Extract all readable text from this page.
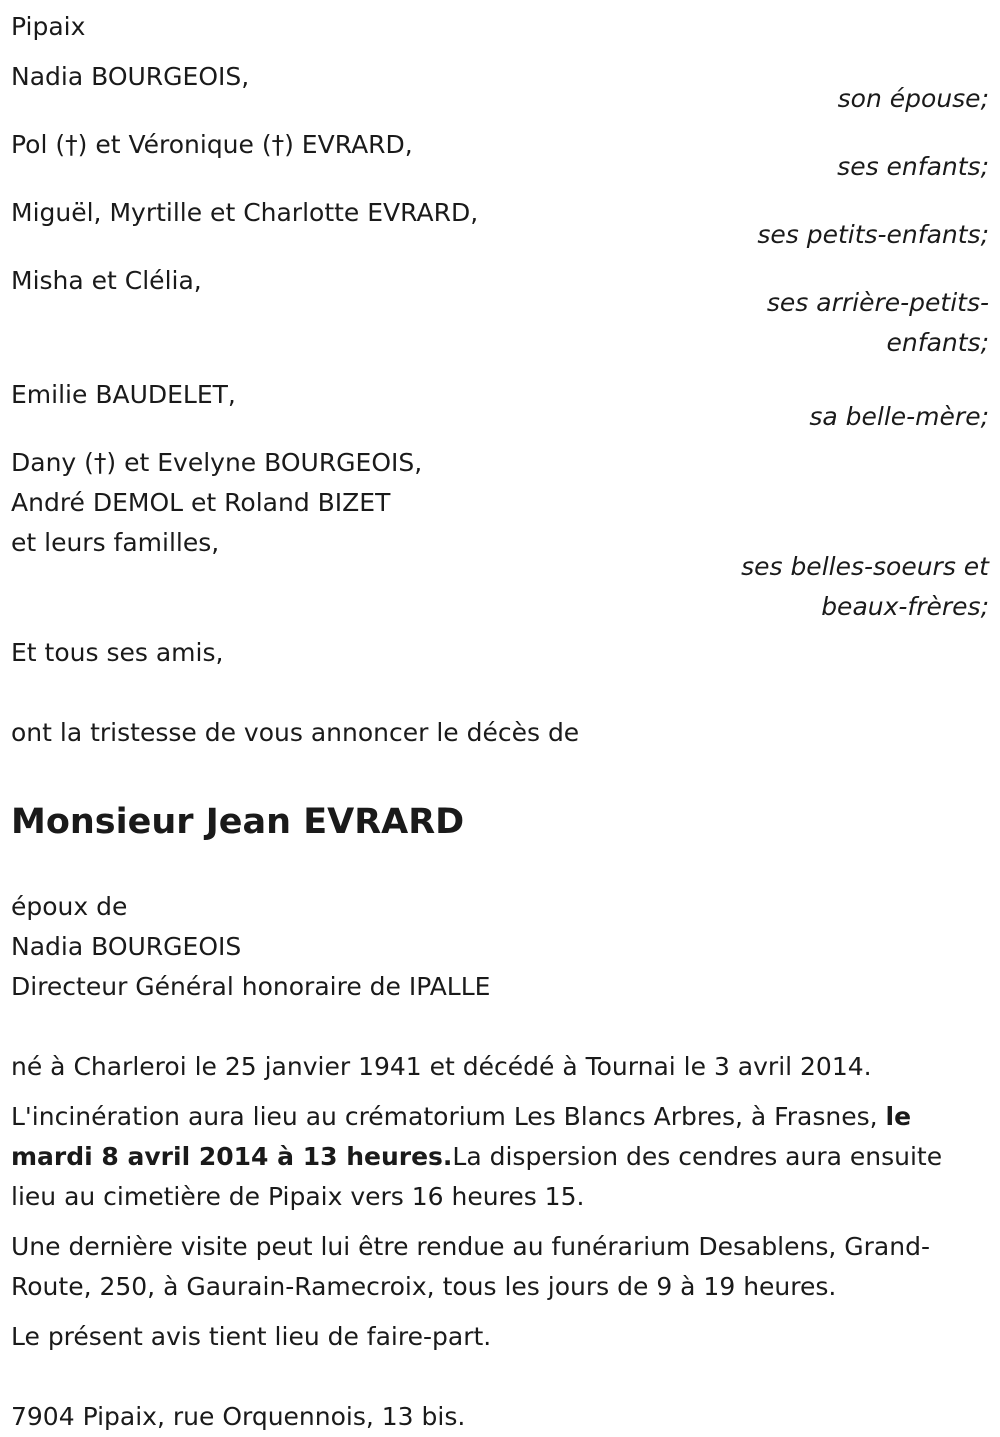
Pipaix
Nadia BOURGEOIS,
son épouse;
Pol (†) et Véronique (†) EVRARD,
ses enfants;
Miguël, Myrtille et Charlotte EVRARD,
ses petits-enfants;
Misha et Clélia,
ses arrière-petits-
enfants;
Emilie BAUDELET,
sa belle-mère;
Dany (†) et Evelyne BOURGEOIS,
André DEMOL et Roland BIZET
et leurs familles,
ses belles-soeurs et
beaux-frères;
Et tous ses amis,
ont la tristesse de vous annoncer le décès de
Monsieur Jean EVRARD
époux de
Nadia BOURGEOIS
Directeur Général honoraire de IPALLE
né à Charleroi le 25 janvier 1941 et décédé à Tournai le 3 avril 2014.
L'incinération aura lieu au crématorium Les Blancs Arbres, à Frasnes, le mardi 8 avril 2014 à 13 heures.La dispersion des cendres aura ensuite lieu au cimetière de Pipaix vers 16 heures 15.
Une dernière visite peut lui être rendue au funérarium Desablens, Grand-Route, 250, à Gaurain-Ramecroix, tous les jours de 9 à 19 heures.
Le présent avis tient lieu de faire-part.
7904 Pipaix, rue Orquennois, 13 bis.
